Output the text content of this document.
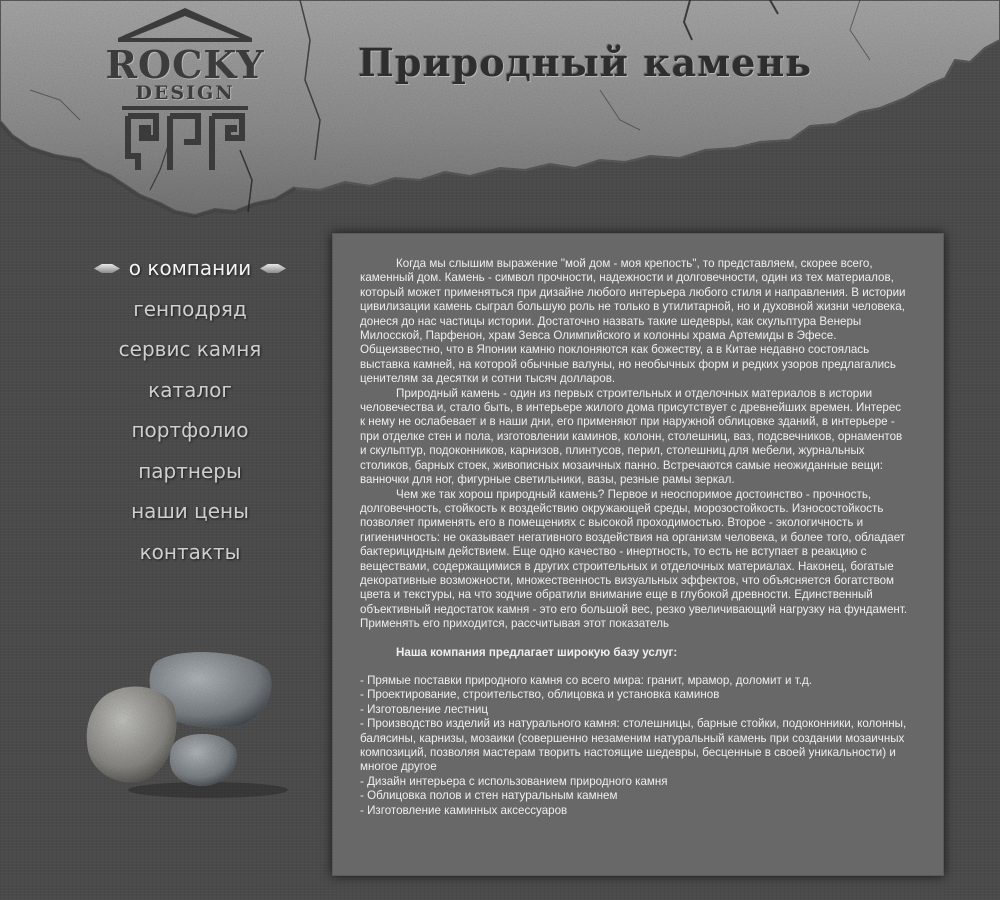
ROCKY
DESIGN
Природный камень
о компании
генподряд
сервис камня
каталог
портфолио
партнеры
наши цены
контакты

Когда мы слышим выражение "мой дом - моя крепость", то представляем, скорее всего, каменный дом. Камень - символ прочности, надежности и долговечности, один из тех материалов, который может применяться при дизайне любого интерьера любого стиля и направления. В истории цивилизации камень сыграл большую роль не только в утилитарной, но и духовной жизни человека, донеся до нас частицы истории. Достаточно назвать такие шедевры, как скульптура Венеры Милосской, Парфенон, храм Зевса Олимпийского и колонны храма Артемиды в Эфесе. Общеизвестно, что в Японии камню поклоняются как божеству, а в Китае недавно состоялась выставка камней, на которой обычные валуны, но необычных форм и редких узоров предлагались ценителям за десятки и сотни тысяч долларов.

Природный камень - один из первых строительных и отделочных материалов в истории человечества и, стало быть, в интерьере жилого дома присутствует с древнейших времен. Интерес к нему не ослабевает и в наши дни, его применяют при наружной облицовке зданий, в интерьере - при отделке стен и пола, изготовлении каминов, колонн, столешниц, ваз, подсвечников, орнаментов и скульптур, подоконников, карнизов, плинтусов, перил, столешниц для мебели, журнальных столиков, барных стоек, живописных мозаичных панно. Встречаются самые неожиданные вещи: ванночки для ног, фигурные светильники, вазы, резные рамы зеркал.

Чем же так хорош природный камень? Первое и неоспоримое достоинство - прочность, долговечность, стойкость к воздействию окружающей среды, морозостойкость. Износостойкость позволяет применять его в помещениях с высокой проходимостью. Второе - экологичность и гигиеничность: не оказывает негативного воздействия на организм человека, и более того, обладает бактерицидным действием. Еще одно качество - инертность, то есть не вступает в реакцию с веществами, содержащимися в других строительных и отделочных материалах. Наконец, богатые декоративные возможности, множественность визуальных эффектов, что объясняется богатством цвета и текстуры, на что зодчие обратили внимание еще в глубокой древности. Единственный объективный недостаток камня - это его большой вес, резко увеличивающий нагрузку на фундамент. Применять его приходится, рассчитывая этот показатель

Наша компания предлагает широкую базу услуг:
- Прямые поставки природного камня со всего мира: гранит, мрамор, доломит и т.д.
- Проектирование, строительство, облицовка и установка каминов
- Изготовление лестниц
- Производство изделий из натурального камня: столешницы, барные стойки, подоконники, колонны, балясины, карнизы, мозаики (совершенно незаменим натуральный камень при создании мозаичных композиций, позволяя мастерам творить настоящие шедевры, бесценные в своей уникальности) и многое другое
- Дизайн интерьера с использованием природного камня
- Облицовка полов и стен натуральным камнем
- Изготовление каминных аксессуаров
